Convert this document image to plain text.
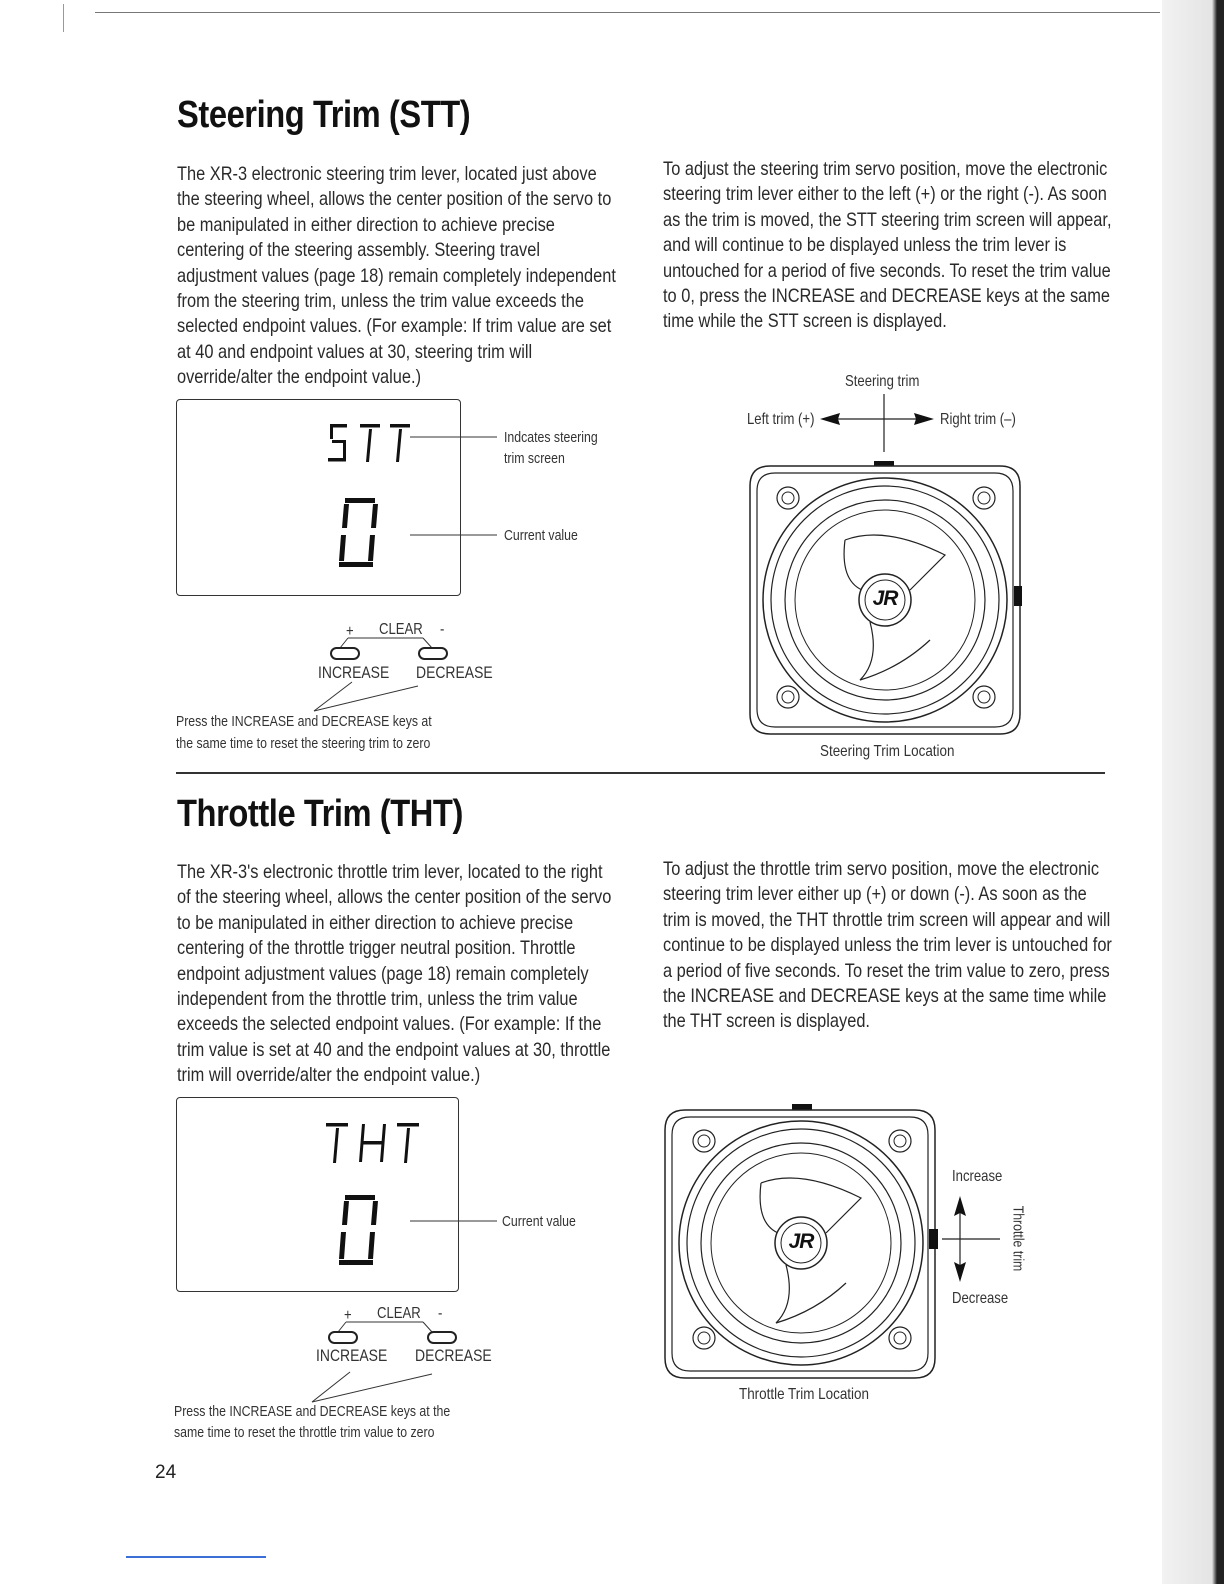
Steering Trim (STT)

The XR-3 electronic steering trim lever, located just above the steering wheel, allows the center position of the servo to be manipulated in either direction to achieve precise centering of the steering assembly. Steering travel adjustment values (page 18) remain completely independent from the steering trim, unless the trim value exceeds the selected endpoint values. (For example: If trim value are set at 40 and endpoint values at 30, steering trim will override/alter the endpoint value.)

To adjust the steering trim servo position, move the electronic steering trim lever either to the left (+) or the right (-). As soon as the trim is moved, the STT steering trim screen will appear, and will continue to be displayed unless the trim lever is untouched for a period of five seconds. To reset the trim value to 0, press the INCREASE and DECREASE keys at the same time while the STT screen is displayed.

Indcates steering
trim screen
Current value
+ CLEAR -
INCREASE DECREASE
Press the INCREASE and DECREASE keys at
the same time to reset the steering trim to zero
Steering trim
Left trim (+)	Right trim (–)
JR
Steering Trim Location
Throttle Trim (THT)

The XR-3's electronic throttle trim lever, located to the right of the steering wheel, allows the center position of the servo to be manipulated in either direction to achieve precise centering of the throttle trigger neutral position. Throttle endpoint adjustment values (page 18) remain completely independent from the throttle trim, unless the trim value exceeds the selected endpoint values. (For example: If the trim value is set at 40 and the endpoint values at 30, throttle trim will override/alter the endpoint value.)

To adjust the throttle trim servo position, move the electronic steering trim lever either up (+) or down (-). As soon as the trim is moved, the THT throttle trim screen will appear and will continue to be displayed unless the trim lever is untouched for a period of five seconds. To reset the trim value to zero, press the INCREASE and DECREASE keys at the same time while the THT screen is displayed.

Current value
+ CLEAR -
INCREASE DECREASE
Press the INCREASE and DECREASE keys at the
same time to reset the throttle trim value to zero
JR
Increase
Decrease
Throttle trim
Throttle Trim Location
24
